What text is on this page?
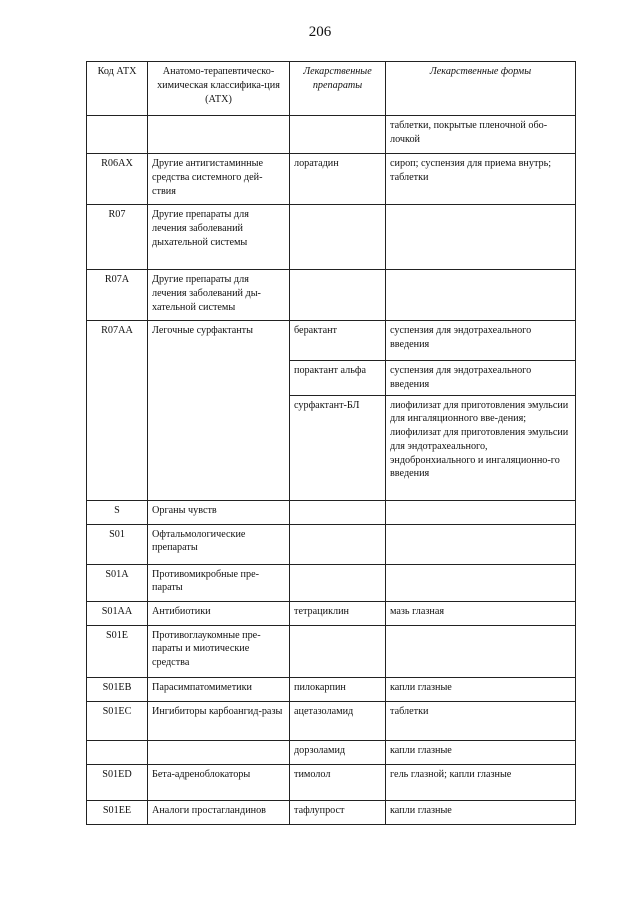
206
Код АТХ	Анатомо-терапевтическо-химическая классифика-ция (АТХ)	Лекарственные препараты	Лекарственные формы
			таблетки, покрытые пленочной обо-лочкой
R06AX	Другие антигистаминные средства системного дей-ствия	лоратадин	сироп; суспензия для приема внутрь; таблетки
R07	Другие препараты для лечения заболеваний дыхательной системы		
R07A	Другие препараты для лечения заболеваний ды-хательной системы		
R07AA	Легочные сурфактанты	берактант	суспензия для эндотрахеального введения
		порактант альфа	суспензия для эндотрахеального введения
		сурфактант-БЛ	лиофилизат для приготовления эмульсии для ингаляционного вве-дения; лиофилизат для приготовления эмульсии для эндотрахеального, эндобронхиального и ингаляционно-го введения
S	Органы чувств		
S01	Офтальмологические препараты		
S01A	Противомикробные пре-параты		
S01AA	Антибиотики	тетрациклин	мазь глазная
S01E	Противоглаукомные пре-параты и миотические средства		
S01EB	Парасимпатомиметики	пилокарпин	капли глазные
S01EC	Ингибиторы карбоангид-разы	ацетазоламид	таблетки
		дорзоламид	капли глазные
S01ED	Бета-адреноблокаторы	тимолол	гель глазной; капли глазные
S01EE	Аналоги простагландинов	тафлупрост	капли глазные
